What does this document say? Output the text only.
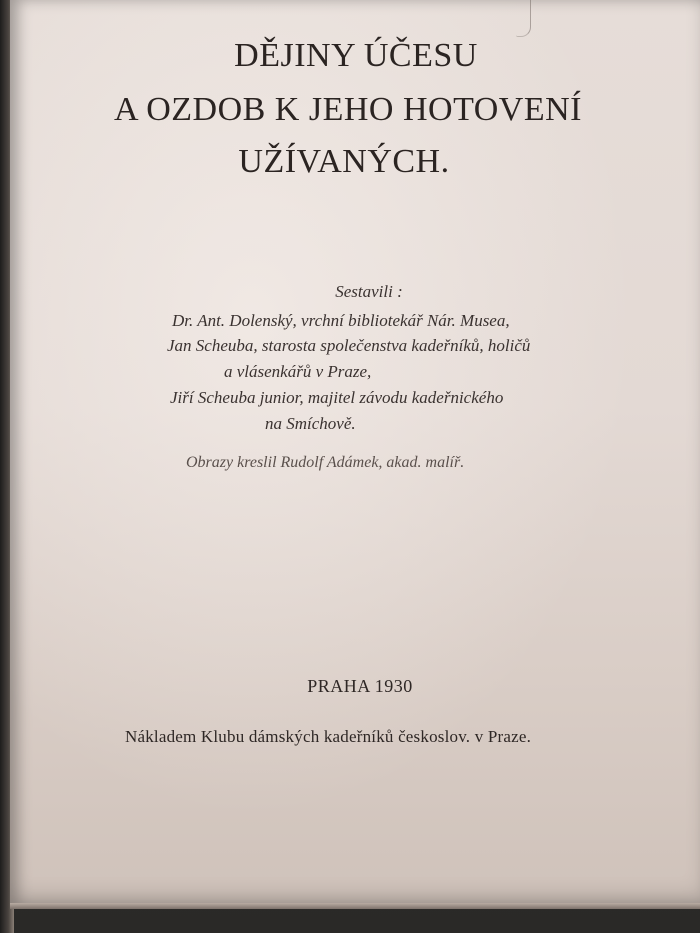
DĚJINY ÚČESU
A OZDOB K JEHO HOTOVENÍ
UŽÍVANÝCH.
Sestavili :
Dr. Ant. Dolenský, vrchní bibliotekář Nár. Musea,
Jan Scheuba, starosta společenstva kadeřníků, holičů
a vlásenkářů v Praze,
Jiří Scheuba junior, majitel závodu kadeřnického
na Smíchově.
Obrazy kreslil Rudolf Adámek, akad. malíř.
PRAHA 1930
Nákladem Klubu dámských kadeřníků českoslov. v Praze.
